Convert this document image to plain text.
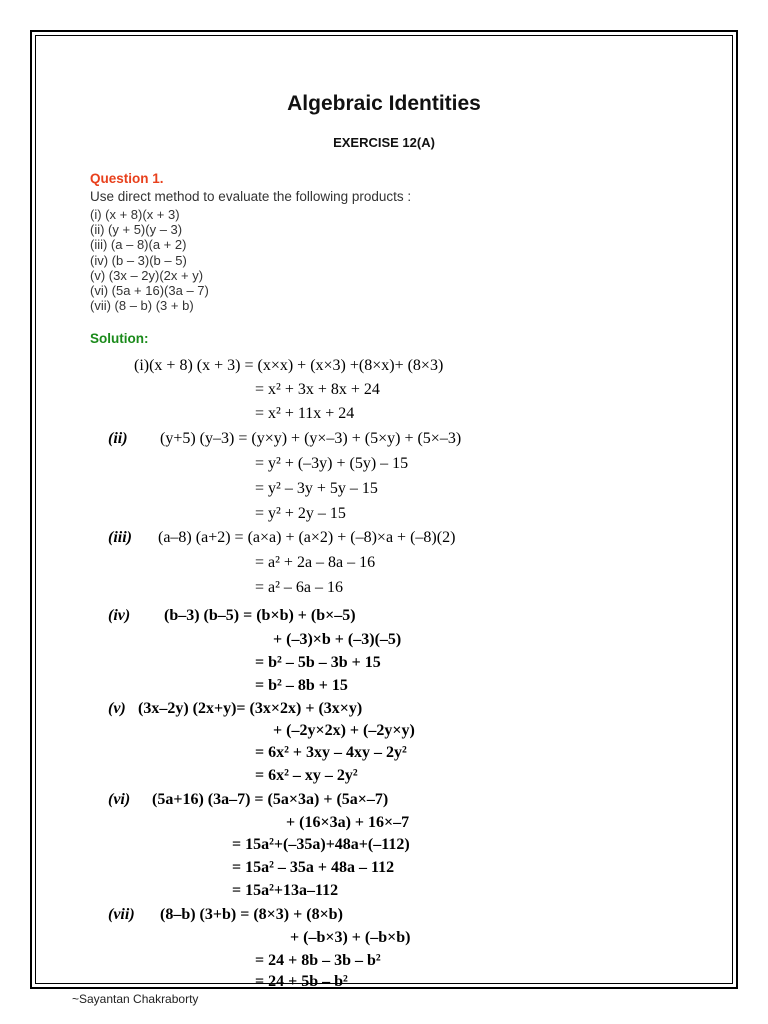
Algebraic Identities
EXERCISE 12(A)
Question 1.
Use direct method to evaluate the following products :
(i) (x + 8)(x + 3)
(ii) (y + 5)(y – 3)
(iii) (a – 8)(a + 2)
(iv) (b – 3)(b – 5)
(v) (3x – 2y)(2x + y)
(vi) (5a + 16)(3a – 7)
(vii) (8 – b) (3 + b)
Solution:
(i)(x + 8) (x + 3) = (x×x) + (x×3) +(8×x)+ (8×3)
= x² + 3x + 8x + 24
= x² + 11x + 24
(ii) (y+5) (y–3) = (y×y) + (y×–3) + (5×y) + (5×–3)
= y² + (–3y) + (5y) – 15
= y² – 3y + 5y – 15
= y² + 2y – 15
(iii) (a–8) (a+2) = (a×a) + (a×2) + (–8)×a + (–8)(2)
= a² + 2a – 8a – 16
= a² – 6a – 16
(iv) (b–3) (b–5) = (b×b) + (b×–5)
+ (–3)×b + (–3)(–5)
= b² – 5b – 3b + 15
= b² – 8b + 15
(v) (3x–2y) (2x+y)= (3x×2x) + (3x×y)
+ (–2y×2x) + (–2y×y)
= 6x² + 3xy – 4xy – 2y²
= 6x² – xy – 2y²
(vi) (5a+16) (3a–7) = (5a×3a) + (5a×–7)
+ (16×3a) + 16×–7
= 15a²+(–35a)+48a+(–112)
= 15a² – 35a + 48a – 112
= 15a²+13a–112
(vii) (8–b) (3+b) = (8×3) + (8×b)
+ (–b×3) + (–b×b)
= 24 + 8b – 3b – b²
= 24 + 5b – b²
~Sayantan Chakraborty
